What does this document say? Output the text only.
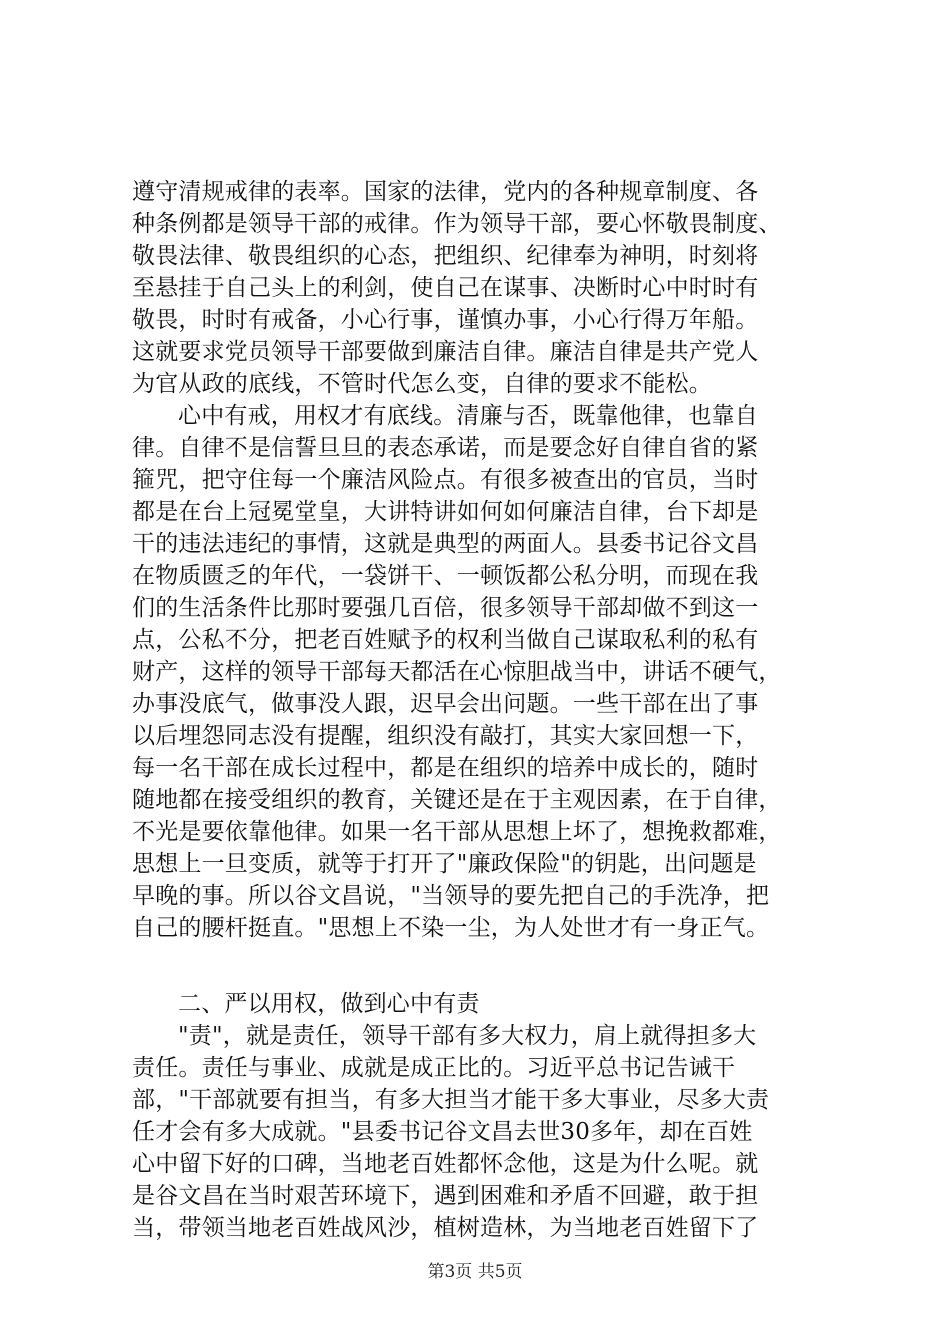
遵守清规戒律的表率。国家的法律，党内的各种规章制度、各
种条例都是领导干部的戒律。作为领导干部，要心怀敬畏制度、
敬畏法律、敬畏组织的心态，把组织、纪律奉为神明，时刻将
至悬挂于自己头上的利剑，使自己在谋事、决断时心中时时有
敬畏，时时有戒备，小心行事，谨慎办事，小心行得万年船。
这就要求党员领导干部要做到廉洁自律。廉洁自律是共产党人
为官从政的底线，不管时代怎么变，自律的要求不能松。
心中有戒，用权才有底线。清廉与否，既靠他律，也靠自
律。自律不是信誓旦旦的表态承诺，而是要念好自律自省的紧
箍咒，把守住每一个廉洁风险点。有很多被查出的官员，当时
都是在台上冠冕堂皇，大讲特讲如何如何廉洁自律，台下却是
干的违法违纪的事情，这就是典型的两面人。县委书记谷文昌
在物质匮乏的年代，一袋饼干、一顿饭都公私分明，而现在我
们的生活条件比那时要强几百倍，很多领导干部却做不到这一
点，公私不分，把老百姓赋予的权利当做自己谋取私利的私有
财产，这样的领导干部每天都活在心惊胆战当中，讲话不硬气，
办事没底气，做事没人跟，迟早会出问题。一些干部在出了事
以后埋怨同志没有提醒，组织没有敲打，其实大家回想一下，
每一名干部在成长过程中，都是在组织的培养中成长的，随时
随地都在接受组织的教育，关键还是在于主观因素，在于自律，
不光是要依靠他律。如果一名干部从思想上坏了，想挽救都难，
思想上一旦变质，就等于打开了"廉政保险"的钥匙，出问题是
早晚的事。所以谷文昌说，"当领导的要先把自己的手洗净，把
自己的腰杆挺直。"思想上不染一尘，为人处世才有一身正气。
二、严以用权，做到心中有责
"责"，就是责任，领导干部有多大权力，肩上就得担多大
责任。责任与事业、成就是成正比的。习近平总书记告诫干
部，"干部就要有担当，有多大担当才能干多大事业，尽多大责
任才会有多大成就。"县委书记谷文昌去世30多年，却在百姓
心中留下好的口碑，当地老百姓都怀念他，这是为什么呢。就
是谷文昌在当时艰苦环境下，遇到困难和矛盾不回避，敢于担
当，带领当地老百姓战风沙，植树造林，为当地老百姓留下了
第3页 共5页
